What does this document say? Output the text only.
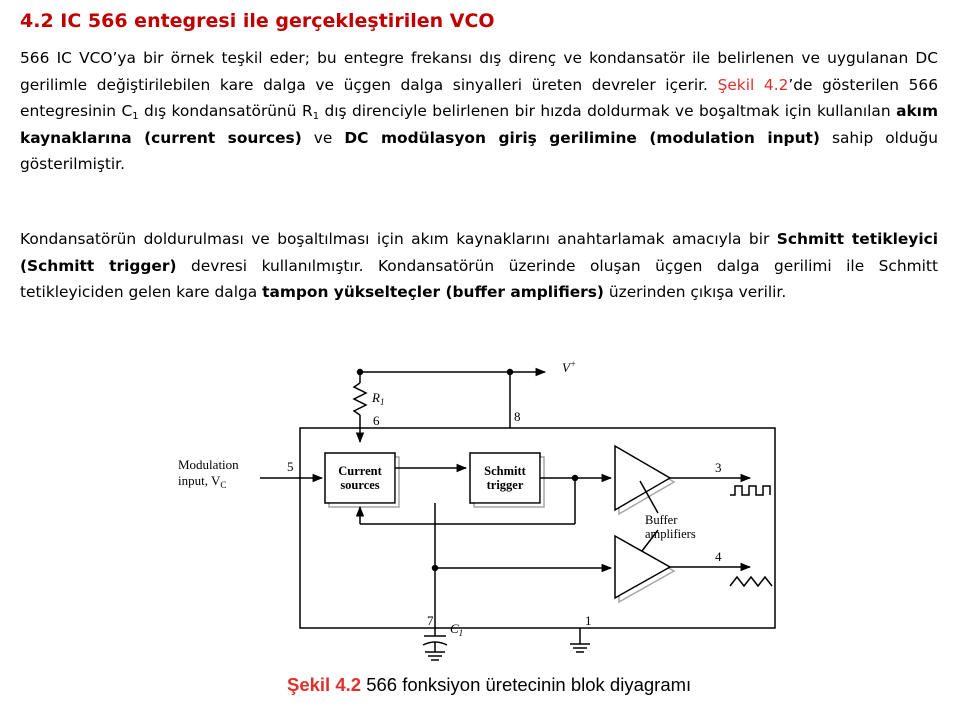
4.2 IC 566 entegresi ile gerçekleştirilen VCO

566 IC VCO’ya bir örnek teşkil eder; bu entegre frekansı dış direnç ve kondansatör ile belirlenen ve uygulanan DC gerilimle değiştirilebilen kare dalga ve üçgen dalga sinyalleri üreten devreler içerir. Şekil 4.2’de gösterilen 566 entegresinin $C_1$ dış kondansatörünü $R_1$ dış direnciyle belirlenen bir hızda doldurmak ve boşaltmak için kullanılan akım kaynaklarına (current sources) ve DC modülasyon giriş gerilimine (modulation input) sahip olduğu gösterilmiştir.

Kondansatörün doldurulması ve boşaltılması için akım kaynaklarını anahtarlamak amacıyla bir Schmitt tetikleyici (Schmitt trigger) devresi kullanılmıştır. Kondansatörün üzerinde oluşan üçgen dalga gerilimi ile Schmitt tetikleyiciden gelen kare dalga tampon yükselteçler (buffer amplifiers) üzerinden çıkışa verilir.

Modulation
input, $V_C$
5
V+
$R_1$
6	8
3
4
7	1
$C_1$
Current
sources
Schmitt
trigger
Buffer
amplifiers

Şekil 4.2 566 fonksiyon üretecinin blok diyagramı
